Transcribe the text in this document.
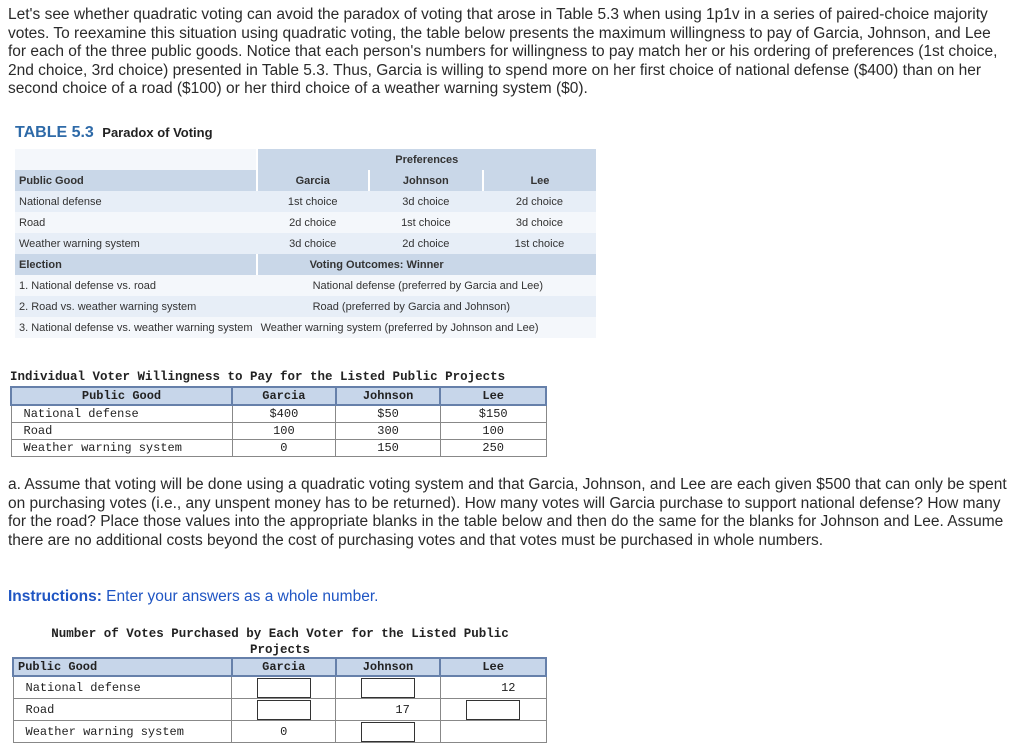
Let's see whether quadratic voting can avoid the paradox of voting that arose in Table 5.3 when using 1p1v in a series of paired-choice majority votes. To reexamine this situation using quadratic voting, the table below presents the maximum willingness to pay of Garcia, Johnson, and Lee for each of the three public goods. Notice that each person's numbers for willingness to pay match her or his ordering of preferences (1st choice, 2nd choice, 3rd choice) presented in Table 5.3. Thus, Garcia is willing to spend more on her first choice of national defense ($400) than on her second choice of a road ($100) or her third choice of a weather warning system ($0).
TABLE 5.3 Paradox of Voting
	Preferences		
Public Good	Garcia	Johnson	Lee
National defense	1st choice	3d choice	2d choice
Road	2d choice	1st choice	3d choice
Weather warning system	3d choice	2d choice	1st choice
Election	Voting Outcomes: Winner		
1. National defense vs. road	National defense (preferred by Garcia and Lee)		
2. Road vs. weather warning system	Road (preferred by Garcia and Johnson)		
3. National defense vs. weather warning system	Weather warning system (preferred by Johnson and Lee)		
Individual Voter Willingness to Pay for the Listed Public Projects
Public Good	Garcia	Johnson	Lee
National defense	$400	$50	$150
Road	100	300	100
Weather warning system	0	150	250
a. Assume that voting will be done using a quadratic voting system and that Garcia, Johnson, and Lee are each given $500 that can only be spent on purchasing votes (i.e., any unspent money has to be returned). How many votes will Garcia purchase to support national defense? How many for the road? Place those values into the appropriate blanks in the table below and then do the same for the blanks for Johnson and Lee. Assume there are no additional costs beyond the cost of purchasing votes and that votes must be purchased in whole numbers.
Instructions: Enter your answers as a whole number.
Number of Votes Purchased by Each Voter for the Listed Public Projects
Public Good	Garcia	Johnson	Lee
National defense			12
Road		17	
Weather warning system	0		
